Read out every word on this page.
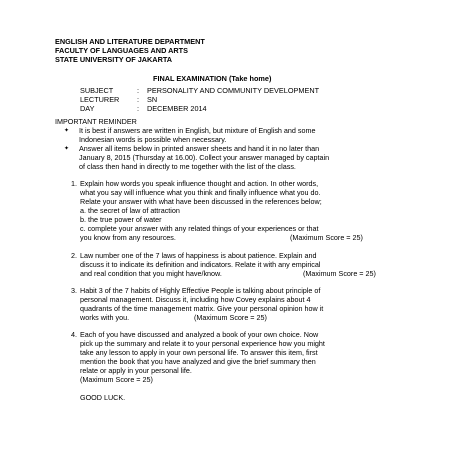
ENGLISH AND LITERATURE DEPARTMENT
FACULTY OF LANGUAGES AND ARTS
STATE UNIVERSITY OF JAKARTA
FINAL EXAMINATION (Take home)
SUBJECT	: PERSONALITY AND COMMUNITY DEVELOPMENT
LECTURER : SN
DAY	: DECEMBER 2014
IMPORTANT REMINDER
✦ It is best if answers are written in English, but mixture of English and some
Indonesian words is possible when necessary.
✦ Answer all items below in printed answer sheets and hand it in no later than
January 8, 2015 (Thursday at 16.00). Collect your answer managed by captain
of class then hand in directly to me together with the list of the class.
1. Explain how words you speak influence thought and action. In other words,
what you say will influence what you think and finally influence what you do.
Relate your answer with what have been discussed in the references below;
a. the secret of law of attraction
b. the true power of water
c. complete your answer with any related things of your experiences or that
you know from any resources.	(Maximum Score = 25)
2. Law number one of the 7 laws of happiness is about patience. Explain and
discuss it to indicate its definition and indicators. Relate it with any empirical
and real condition that you might have/know.	(Maximum Score = 25)
3. Habit 3 of the 7 habits of Highly Effective People is talking about principle of
personal management. Discuss it, including how Covey explains about 4
quadrants of the time management matrix. Give your personal opinion how it
works with you.	(Maximum Score = 25)
4. Each of you have discussed and analyzed a book of your own choice. Now
pick up the summary and relate it to your personal experience how you might
take any lesson to apply in your own personal life. To answer this item, first
mention the book that you have analyzed and give the brief summary then
relate or apply in your personal life.
(Maximum Score = 25)
GOOD LUCK.
